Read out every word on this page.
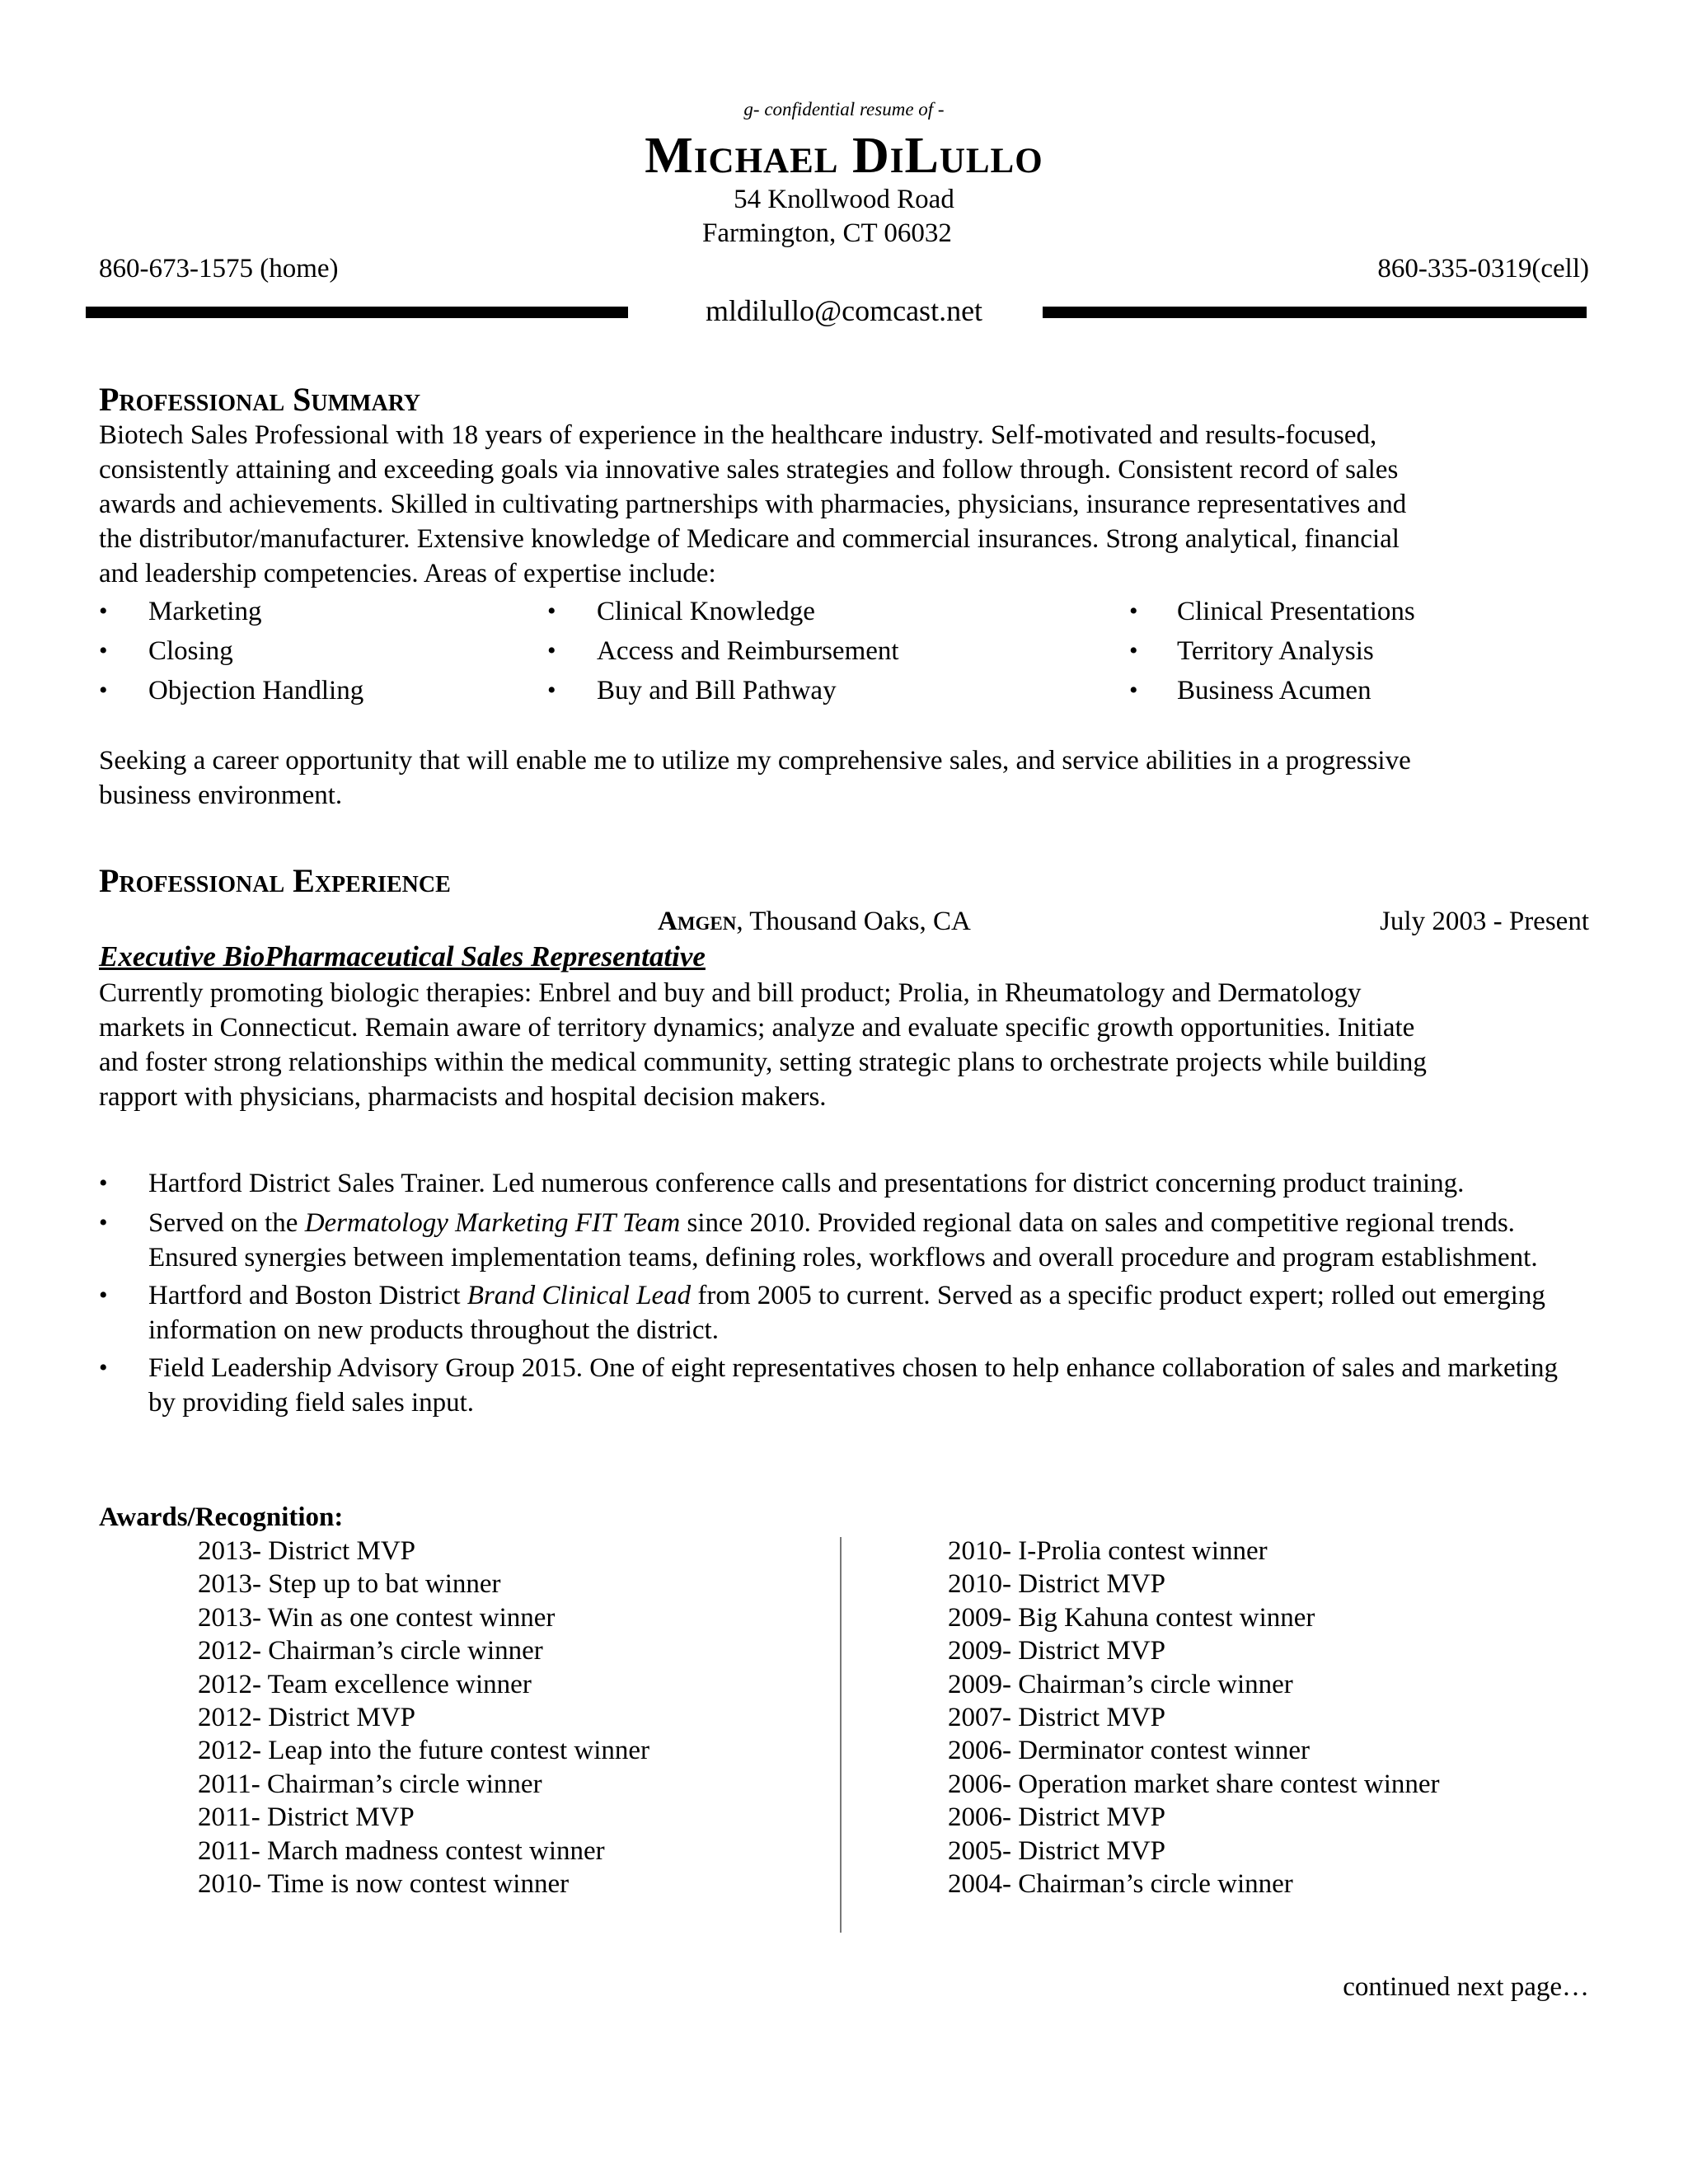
g- confidential resume of -
Michael DiLullo
54 Knollwood Road
Farmington, CT 06032
860-673-1575 (home)	860-335-0319(cell)
mldilullo@comcast.net
Professional Summary
Biotech Sales Professional with 18 years of experience in the healthcare industry. Self-motivated and results-focused,
consistently attaining and exceeding goals via innovative sales strategies and follow through. Consistent record of sales
awards and achievements. Skilled in cultivating partnerships with pharmacies, physicians, insurance representatives and
the distributor/manufacturer. Extensive knowledge of Medicare and commercial insurances. Strong analytical, financial
and leadership competencies. Areas of expertise include:
• Marketing
• Closing
• Objection Handling
• Clinical Knowledge
• Access and Reimbursement
• Buy and Bill Pathway
• Clinical Presentations
• Territory Analysis
• Business Acumen
Seeking a career opportunity that will enable me to utilize my comprehensive sales, and service abilities in a progressive
business environment.
Professional Experience
Amgen, Thousand Oaks, CA	July 2003 - Present
Executive BioPharmaceutical Sales Representative
Currently promoting biologic therapies: Enbrel and buy and bill product; Prolia, in Rheumatology and Dermatology
markets in Connecticut. Remain aware of territory dynamics; analyze and evaluate specific growth opportunities. Initiate
and foster strong relationships within the medical community, setting strategic plans to orchestrate projects while building
rapport with physicians, pharmacists and hospital decision makers.
• Hartford District Sales Trainer. Led numerous conference calls and presentations for district concerning product training.
• Served on the Dermatology Marketing FIT Team since 2010. Provided regional data on sales and competitive regional trends. Ensured synergies between implementation teams, defining roles, workflows and overall procedure and program establishment.
• Hartford and Boston District Brand Clinical Lead from 2005 to current. Served as a specific product expert; rolled out emerging information on new products throughout the district.
• Field Leadership Advisory Group 2015. One of eight representatives chosen to help enhance collaboration of sales and marketing by providing field sales input.
Awards/Recognition:
2013- District MVP
2013- Step up to bat winner
2013- Win as one contest winner
2012- Chairman’s circle winner
2012- Team excellence winner
2012- District MVP
2012- Leap into the future contest winner
2011- Chairman’s circle winner
2011- District MVP
2011- March madness contest winner
2010- Time is now contest winner
2010- I-Prolia contest winner
2010- District MVP
2009- Big Kahuna contest winner
2009- District MVP
2009- Chairman’s circle winner
2007- District MVP
2006- Derminator contest winner
2006- Operation market share contest winner
2006- District MVP
2005- District MVP
2004- Chairman’s circle winner
continued next page…
